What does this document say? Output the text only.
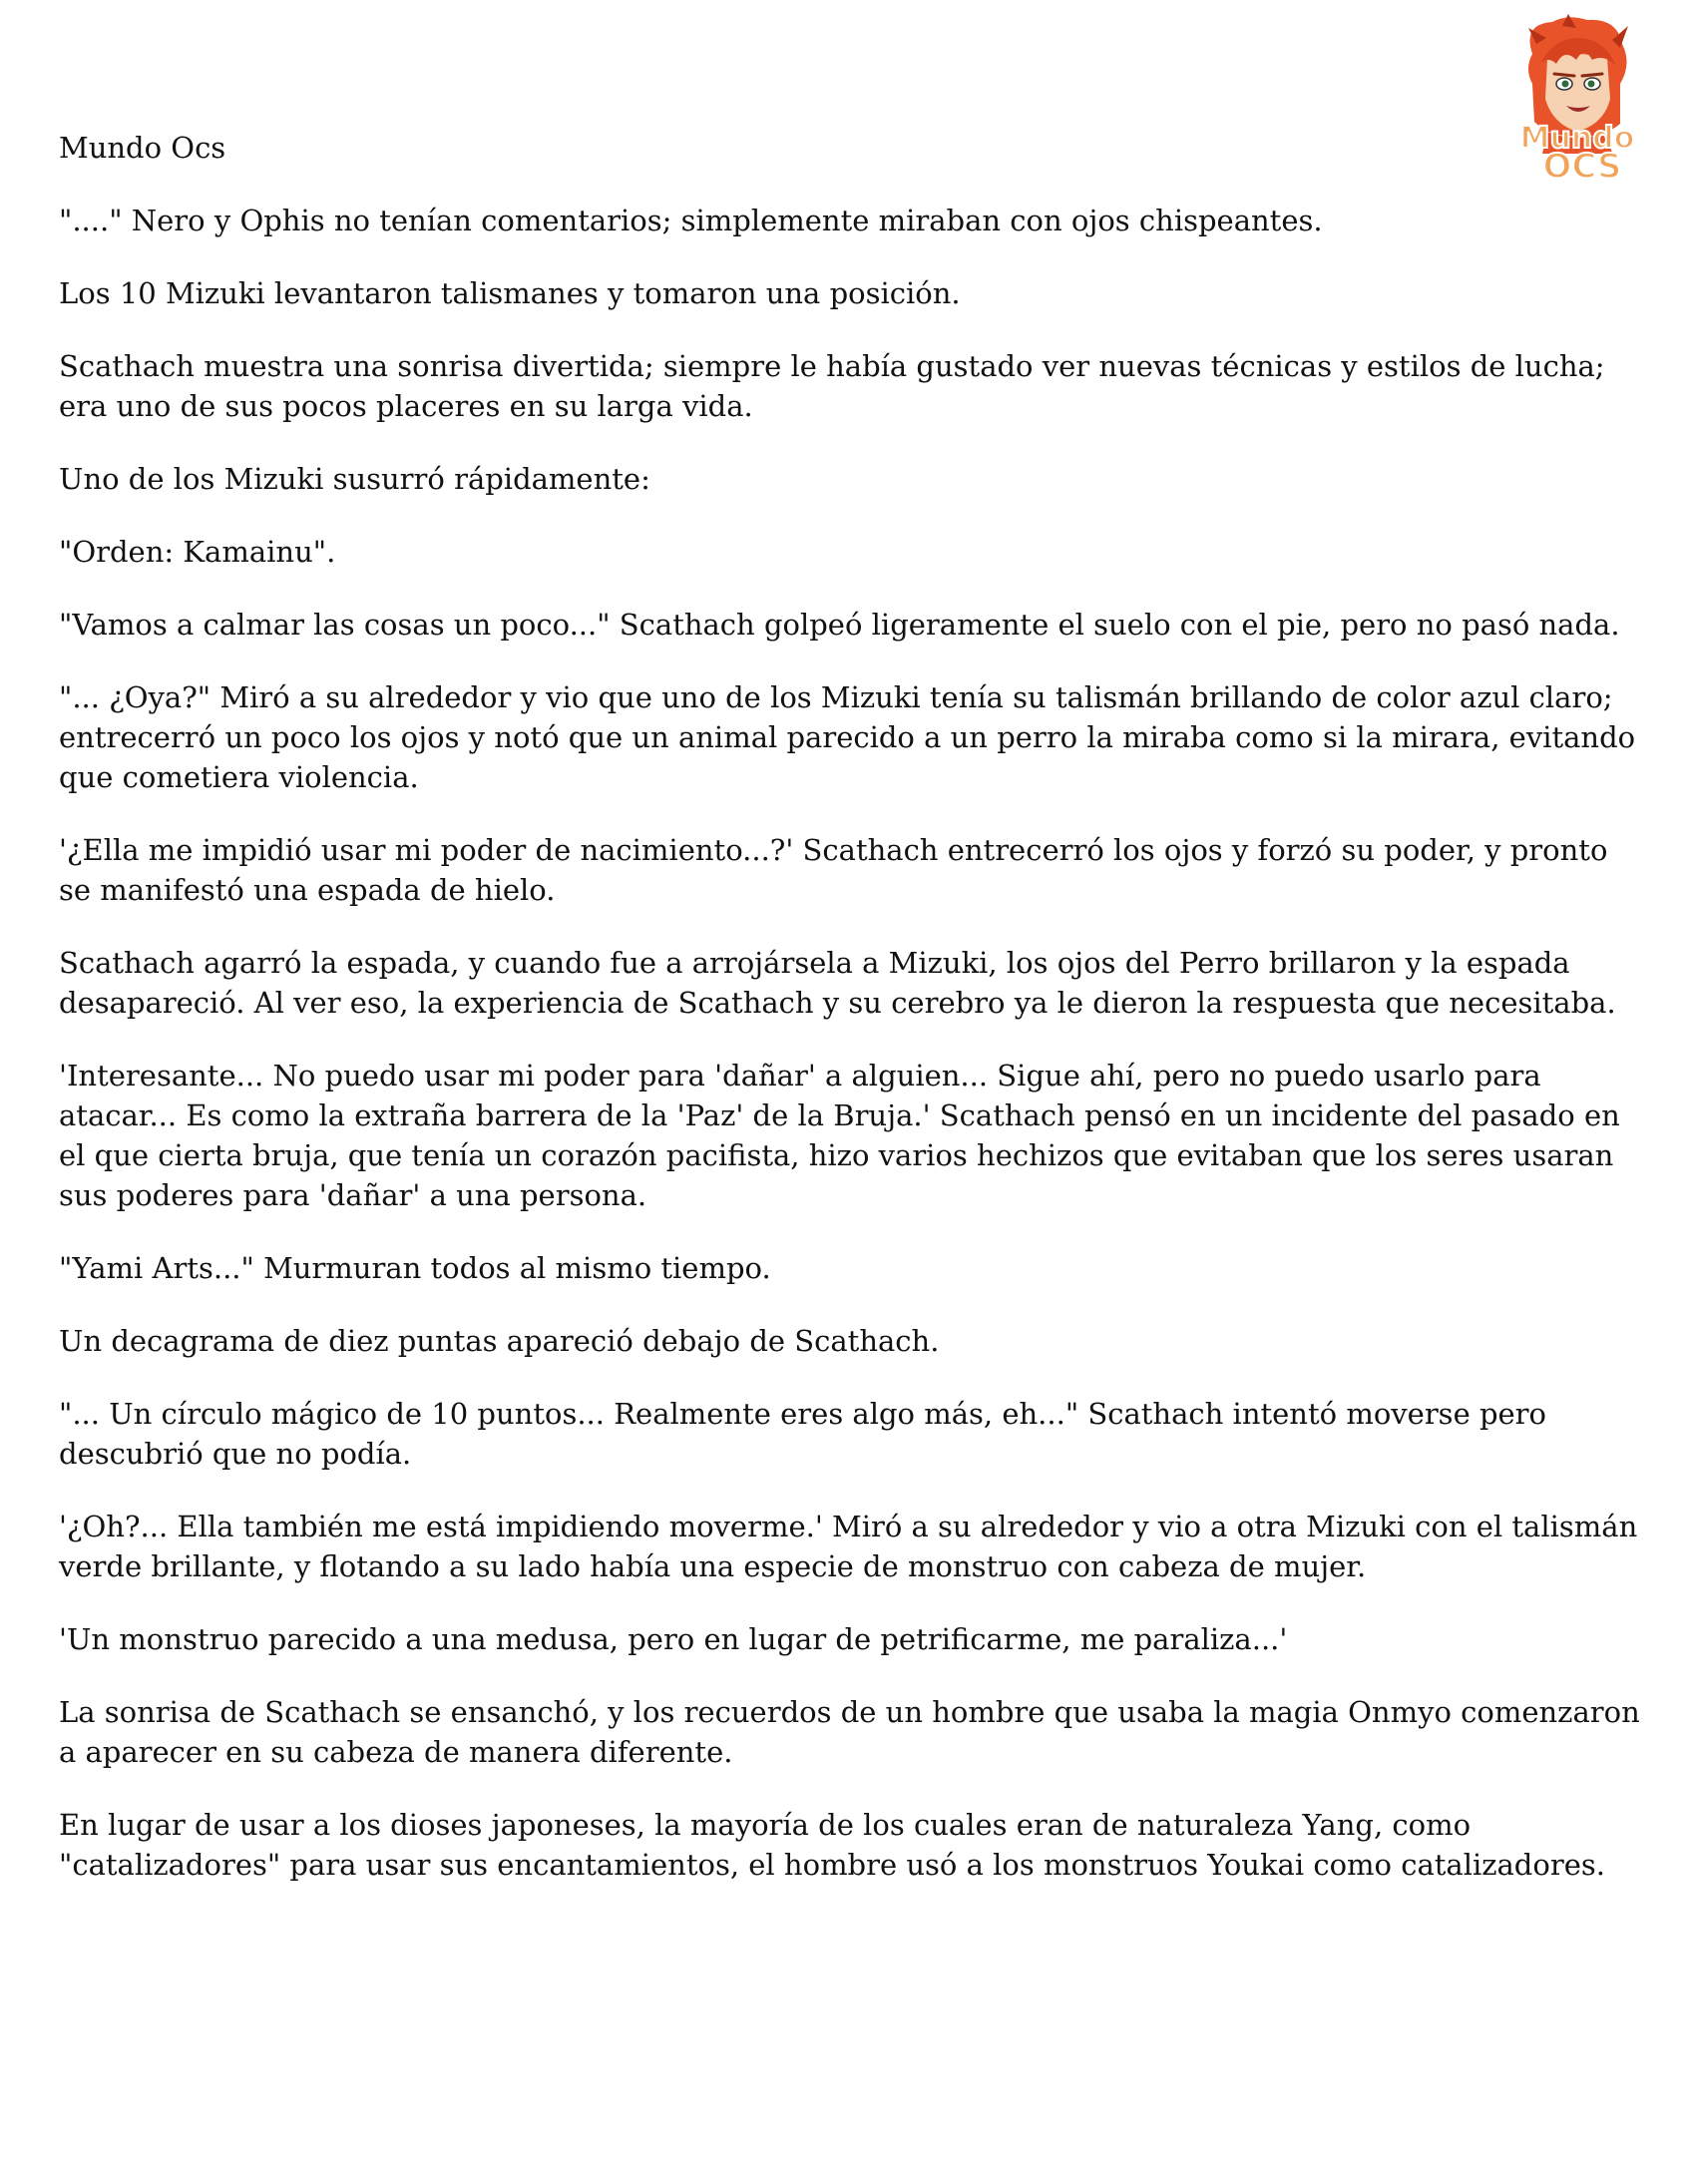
Mundo
OCS

Mundo Ocs

"...." Nero y Ophis no tenían comentarios; simplemente miraban con ojos chispeantes.

Los 10 Mizuki levantaron talismanes y tomaron una posición.

Scathach muestra una sonrisa divertida; siempre le había gustado ver nuevas técnicas y estilos de lucha; era uno de sus pocos placeres en su larga vida.

Uno de los Mizuki susurró rápidamente:

"Orden: Kamainu".

"Vamos a calmar las cosas un poco..." Scathach golpeó ligeramente el suelo con el pie, pero no pasó nada.

"... ¿Oya?" Miró a su alrededor y vio que uno de los Mizuki tenía su talismán brillando de color azul claro; entrecerró un poco los ojos y notó que un animal parecido a un perro la miraba como si la mirara, evitando que cometiera violencia.

'¿Ella me impidió usar mi poder de nacimiento...?' Scathach entrecerró los ojos y forzó su poder, y pronto se manifestó una espada de hielo.

Scathach agarró la espada, y cuando fue a arrojársela a Mizuki, los ojos del Perro brillaron y la espada desapareció. Al ver eso, la experiencia de Scathach y su cerebro ya le dieron la respuesta que necesitaba.

'Interesante... No puedo usar mi poder para 'dañar' a alguien... Sigue ahí, pero no puedo usarlo para atacar... Es como la extraña barrera de la 'Paz' de la Bruja.' Scathach pensó en un incidente del pasado en el que cierta bruja, que tenía un corazón pacifista, hizo varios hechizos que evitaban que los seres usaran sus poderes para 'dañar' a una persona.

"Yami Arts..." Murmuran todos al mismo tiempo.

Un decagrama de diez puntas apareció debajo de Scathach.

"... Un círculo mágico de 10 puntos... Realmente eres algo más, eh..." Scathach intentó moverse pero descubrió que no podía.

'¿Oh?... Ella también me está impidiendo moverme.' Miró a su alrededor y vio a otra Mizuki con el talismán verde brillante, y flotando a su lado había una especie de monstruo con cabeza de mujer.

'Un monstruo parecido a una medusa, pero en lugar de petrificarme, me paraliza...'

La sonrisa de Scathach se ensanchó, y los recuerdos de un hombre que usaba la magia Onmyo comenzaron a aparecer en su cabeza de manera diferente.

En lugar de usar a los dioses japoneses, la mayoría de los cuales eran de naturaleza Yang, como "catalizadores" para usar sus encantamientos, el hombre usó a los monstruos Youkai como catalizadores.
